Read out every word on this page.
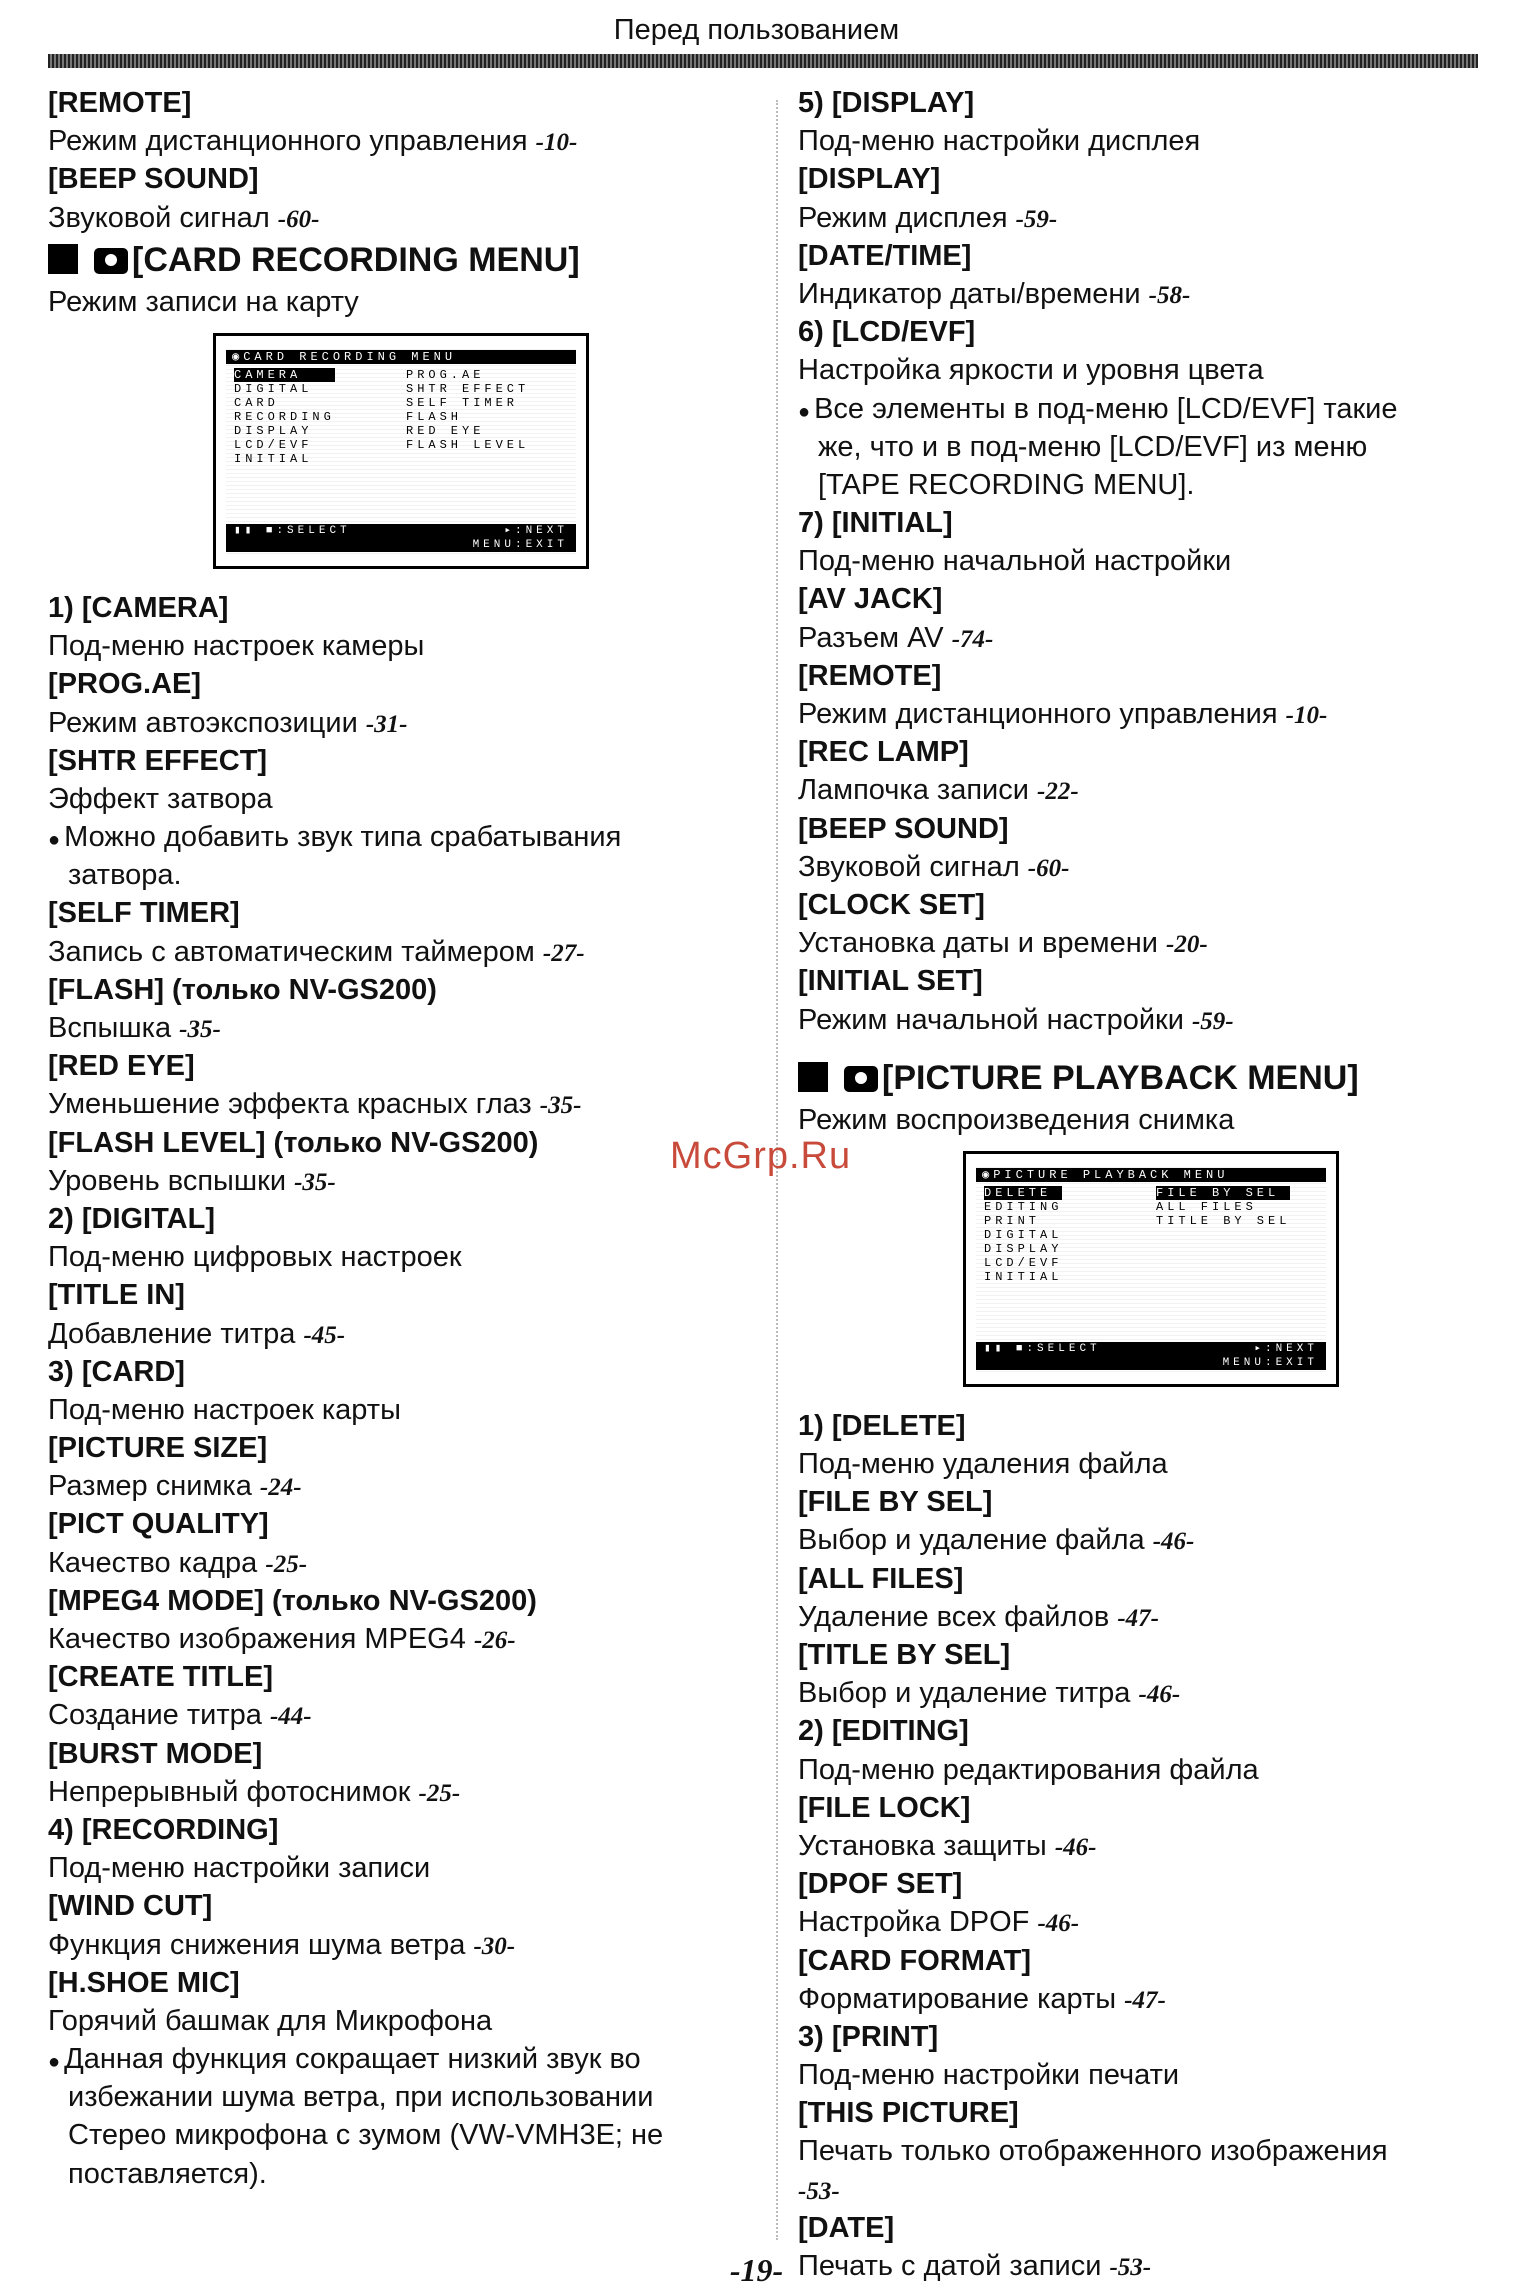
Перед пользованием
[REMOTE]
Режим дистанционного управления -10-
[BEEP SOUND]
Звуковой сигнал -60-
[CARD RECORDING MENU]
Режим записи на карту
◉CARD RECORDING MENU
CAMERA
DIGITAL
CARD
RECORDING
DISPLAY
LCD/EVF
INITIAL
PROG.AE
SHTR EFFECT
SELF TIMER
FLASH
RED EYE
FLASH LEVEL
▮▮ ■:SELECT	▸:NEXT
MENU:EXIT
1) [CAMERA]
Под-меню настроек камеры
[PROG.AE]
Режим автоэкспозиции -31-
[SHTR EFFECT]
Эффект затвора
● Можно добавить звук типа срабатывания
затвора.
[SELF TIMER]
Запись с автоматическим таймером -27-
[FLASH] (только NV-GS200)
Вспышка -35-
[RED EYE]
Уменьшение эффекта красных глаз -35-
[FLASH LEVEL] (только NV-GS200)
Уровень вспышки -35-
2) [DIGITAL]
Под-меню цифровых настроек
[TITLE IN]
Добавление титра -45-
3) [CARD]
Под-меню настроек карты
[PICTURE SIZE]
Размер снимка -24-
[PICT QUALITY]
Качество кадра -25-
[MPEG4 MODE] (только NV-GS200)
Качество изображения MPEG4 -26-
[CREATE TITLE]
Создание титра -44-
[BURST MODE]
Непрерывный фотоснимок -25-
4) [RECORDING]
Под-меню настройки записи
[WIND CUT]
Функция снижения шума ветра -30-
[H.SHOE MIC]
Горячий башмак для Микрофона
● Данная функция сокращает низкий звук во
избежании шума ветра, при использовании
Стерео микрофона с зумом (VW-VMH3E; не
поставляется).
5) [DISPLAY]
Под-меню настройки дисплея
[DISPLAY]
Режим дисплея -59-
[DATE/TIME]
Индикатор даты/времени -58-
6) [LCD/EVF]
Настройка яркости и уровня цвета
● Все элементы в под-меню [LCD/EVF] такие
же, что и в под-меню [LCD/EVF] из меню
[TAPE RECORDING MENU].
7) [INITIAL]
Под-меню начальной настройки
[AV JACK]
Разъем AV -74-
[REMOTE]
Режим дистанционного управления -10-
[REC LAMP]
Лампочка записи -22-
[BEEP SOUND]
Звуковой сигнал -60-
[CLOCK SET]
Установка даты и времени -20-
[INITIAL SET]
Режим начальной настройки -59-
[PICTURE PLAYBACK MENU]
Режим воспроизведения снимка
◉PICTURE PLAYBACK MENU
DELETE
EDITING
PRINT
DIGITAL
DISPLAY
LCD/EVF
INITIAL
FILE BY SEL
ALL FILES
TITLE BY SEL
▮▮ ■:SELECT	▸:NEXT
MENU:EXIT
1) [DELETE]
Под-меню удаления файла
[FILE BY SEL]
Выбор и удаление файла -46-
[ALL FILES]
Удаление всех файлов -47-
[TITLE BY SEL]
Выбор и удаление титра -46-
2) [EDITING]
Под-меню редактирования файла
[FILE LOCK]
Установка защиты -46-
[DPOF SET]
Настройка DPOF -46-
[CARD FORMAT]
Форматирование карты -47-
3) [PRINT]
Под-меню настройки печати
[THIS PICTURE]
Печать только отображенного изображения
-53-
[DATE]
Печать с датой записи -53-
McGrp.Ru
-19-
